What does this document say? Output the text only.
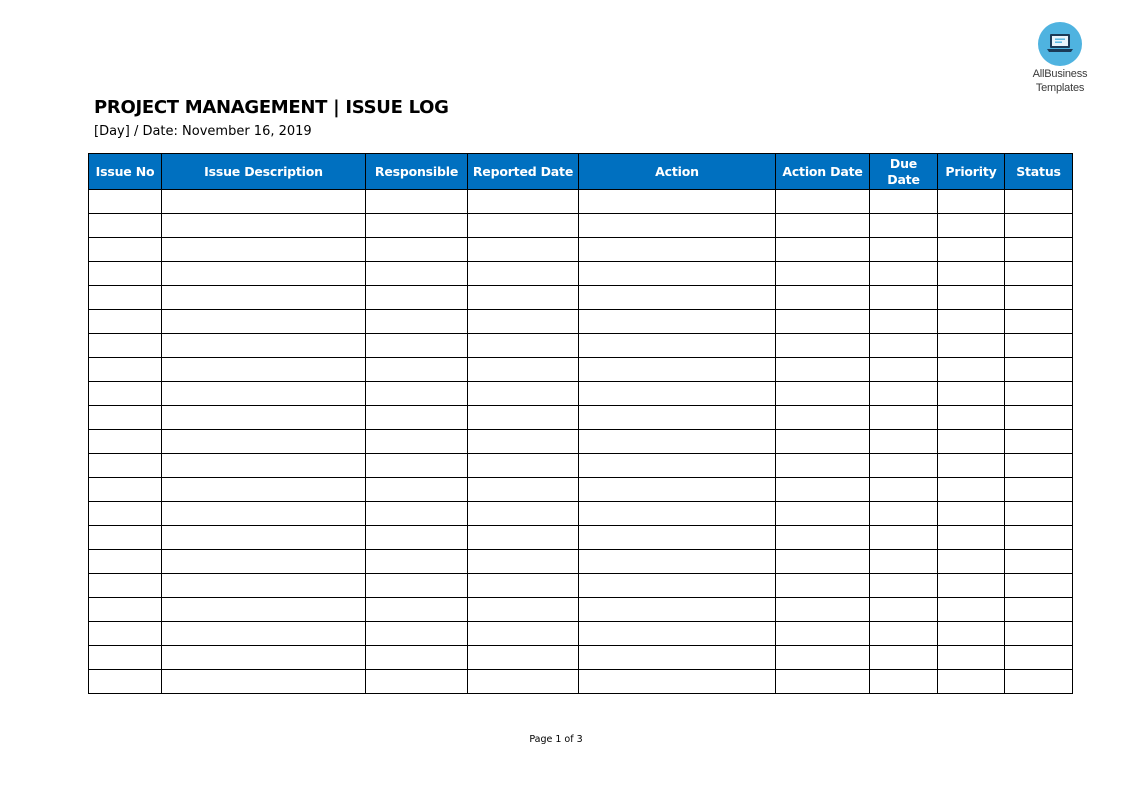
AllBusiness
Templates
PROJECT MANAGEMENT | ISSUE LOG
[Day] / Date: November 16, 2019
Issue No	Issue Description	Responsible	Reported Date	Action	Action Date	Due Date	Priority	Status

Page 1 of 3
